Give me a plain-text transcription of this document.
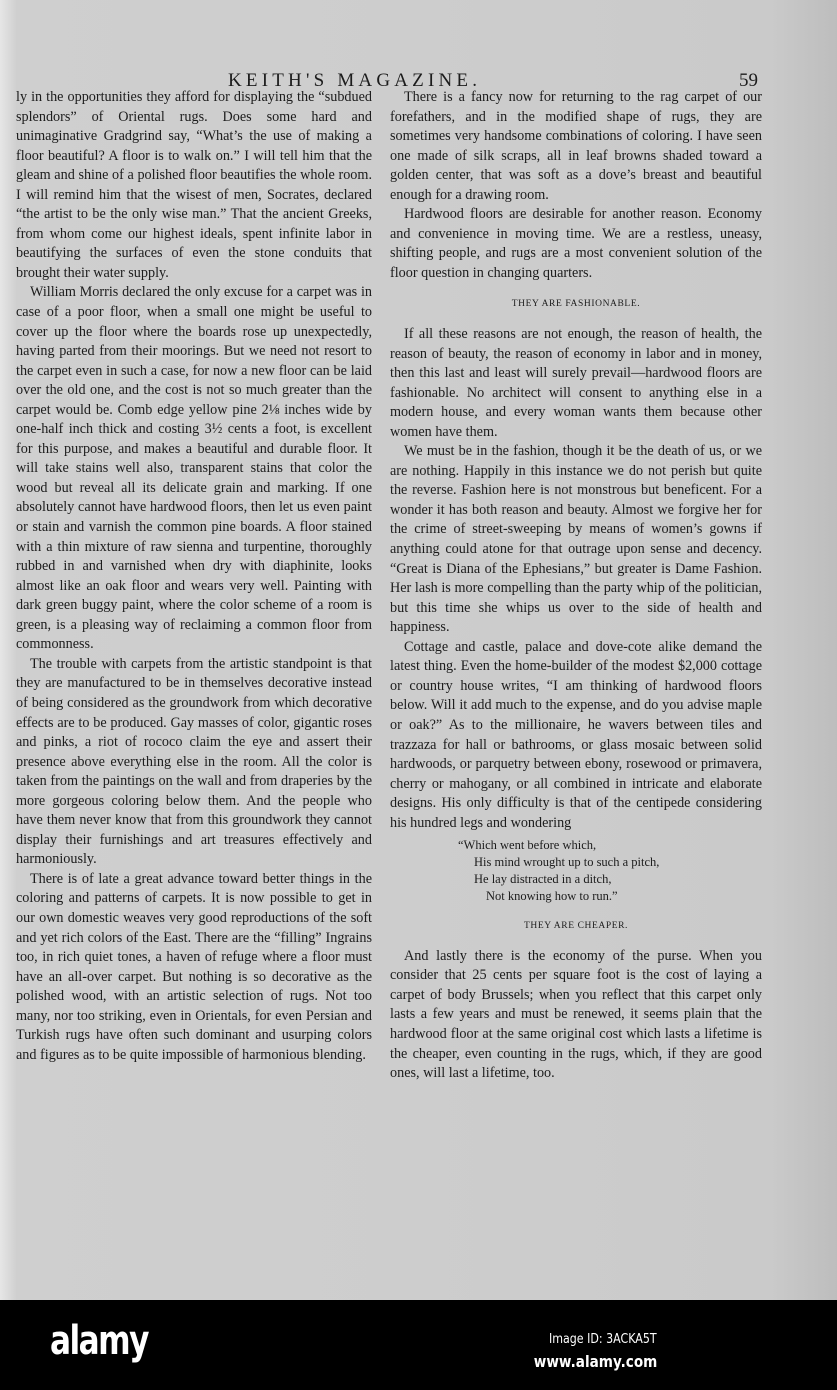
KEITH'S MAGAZINE.	59

ly in the opportunities they afford for displaying the “subdued splendors” of Oriental rugs. Does some hard and unimaginative Gradgrind say, “What’s the use of making a floor beautiful? A floor is to walk on.” I will tell him that the gleam and shine of a polished floor beautifies the whole room. I will remind him that the wisest of men, Socrates, declared “the artist to be the only wise man.” That the ancient Greeks, from whom come our highest ideals, spent infinite labor in beautifying the surfaces of even the stone conduits that brought their water supply.

William Morris declared the only excuse for a carpet was in case of a poor floor, when a small one might be useful to cover up the floor where the boards rose up unexpectedly, having parted from their moorings. But we need not resort to the carpet even in such a case, for now a new floor can be laid over the old one, and the cost is not so much greater than the carpet would be. Comb edge yellow pine 2⅛ inches wide by one-half inch thick and costing 3½ cents a foot, is excellent for this purpose, and makes a beautiful and durable floor. It will take stains well also, transparent stains that color the wood but reveal all its delicate grain and marking. If one absolutely cannot have hardwood floors, then let us even paint or stain and varnish the common pine boards. A floor stained with a thin mixture of raw sienna and turpentine, thoroughly rubbed in and varnished when dry with diaphinite, looks almost like an oak floor and wears very well. Painting with dark green buggy paint, where the color scheme of a room is green, is a pleasing way of reclaiming a common floor from commonness.

The trouble with carpets from the artistic standpoint is that they are manufactured to be in themselves decorative instead of being considered as the groundwork from which decorative effects are to be produced. Gay masses of color, gigantic roses and pinks, a riot of rococo claim the eye and assert their presence above everything else in the room. All the color is taken from the paintings on the wall and from draperies by the more gorgeous coloring below them. And the people who have them never know that from this groundwork they cannot display their furnishings and art treasures effectively and harmoniously.

There is of late a great advance toward better things in the coloring and patterns of carpets. It is now possible to get in our own domestic weaves very good reproductions of the soft and yet rich colors of the East. There are the “filling” Ingrains too, in rich quiet tones, a haven of refuge where a floor must have an all-over carpet. But nothing is so decorative as the polished wood, with an artistic selection of rugs. Not too many, nor too striking, even in Orientals, for even Persian and Turkish rugs have often such dominant and usurping colors and figures as to be quite impossible of harmonious blending.

There is a fancy now for returning to the rag carpet of our forefathers, and in the modified shape of rugs, they are sometimes very handsome combinations of coloring. I have seen one made of silk scraps, all in leaf browns shaded toward a golden center, that was soft as a dove’s breast and beautiful enough for a drawing room.

Hardwood floors are desirable for another reason. Economy and convenience in moving time. We are a restless, uneasy, shifting people, and rugs are a most convenient solution of the floor question in changing quarters.

THEY ARE FASHIONABLE.

If all these reasons are not enough, the reason of health, the reason of beauty, the reason of economy in labor and in money, then this last and least will surely prevail—hardwood floors are fashionable. No architect will consent to anything else in a modern house, and every woman wants them because other women have them.

We must be in the fashion, though it be the death of us, or we are nothing. Happily in this instance we do not perish but quite the reverse. Fashion here is not monstrous but beneficent. For a wonder it has both reason and beauty. Almost we forgive her for the crime of street-sweeping by means of women’s gowns if anything could atone for that outrage upon sense and decency. “Great is Diana of the Ephesians,” but greater is Dame Fashion. Her lash is more compelling than the party whip of the politician, but this time she whips us over to the side of health and happiness.

Cottage and castle, palace and dove-cote alike demand the latest thing. Even the home-builder of the modest $2,000 cottage or country house writes, “I am thinking of hardwood floors below. Will it add much to the expense, and do you advise maple or oak?” As to the millionaire, he wavers between tiles and trazzaza for hall or bathrooms, or glass mosaic between solid hardwoods, or parquetry between ebony, rosewood or primavera, cherry or mahogany, or all combined in intricate and elaborate designs. His only difficulty is that of the centipede considering his hundred legs and wondering

“Which went before which,
His mind wrought up to such a pitch,
He lay distracted in a ditch,
Not knowing how to run.”
THEY ARE CHEAPER.

And lastly there is the economy of the purse. When you consider that 25 cents per square foot is the cost of laying a carpet of body Brussels; when you reflect that this carpet only lasts a few years and must be renewed, it seems plain that the hardwood floor at the same original cost which lasts a lifetime is the cheaper, even counting in the rugs, which, if they are good ones, will last a lifetime, too.

alamy	Image ID: 3ACKA5T
www.alamy.com
